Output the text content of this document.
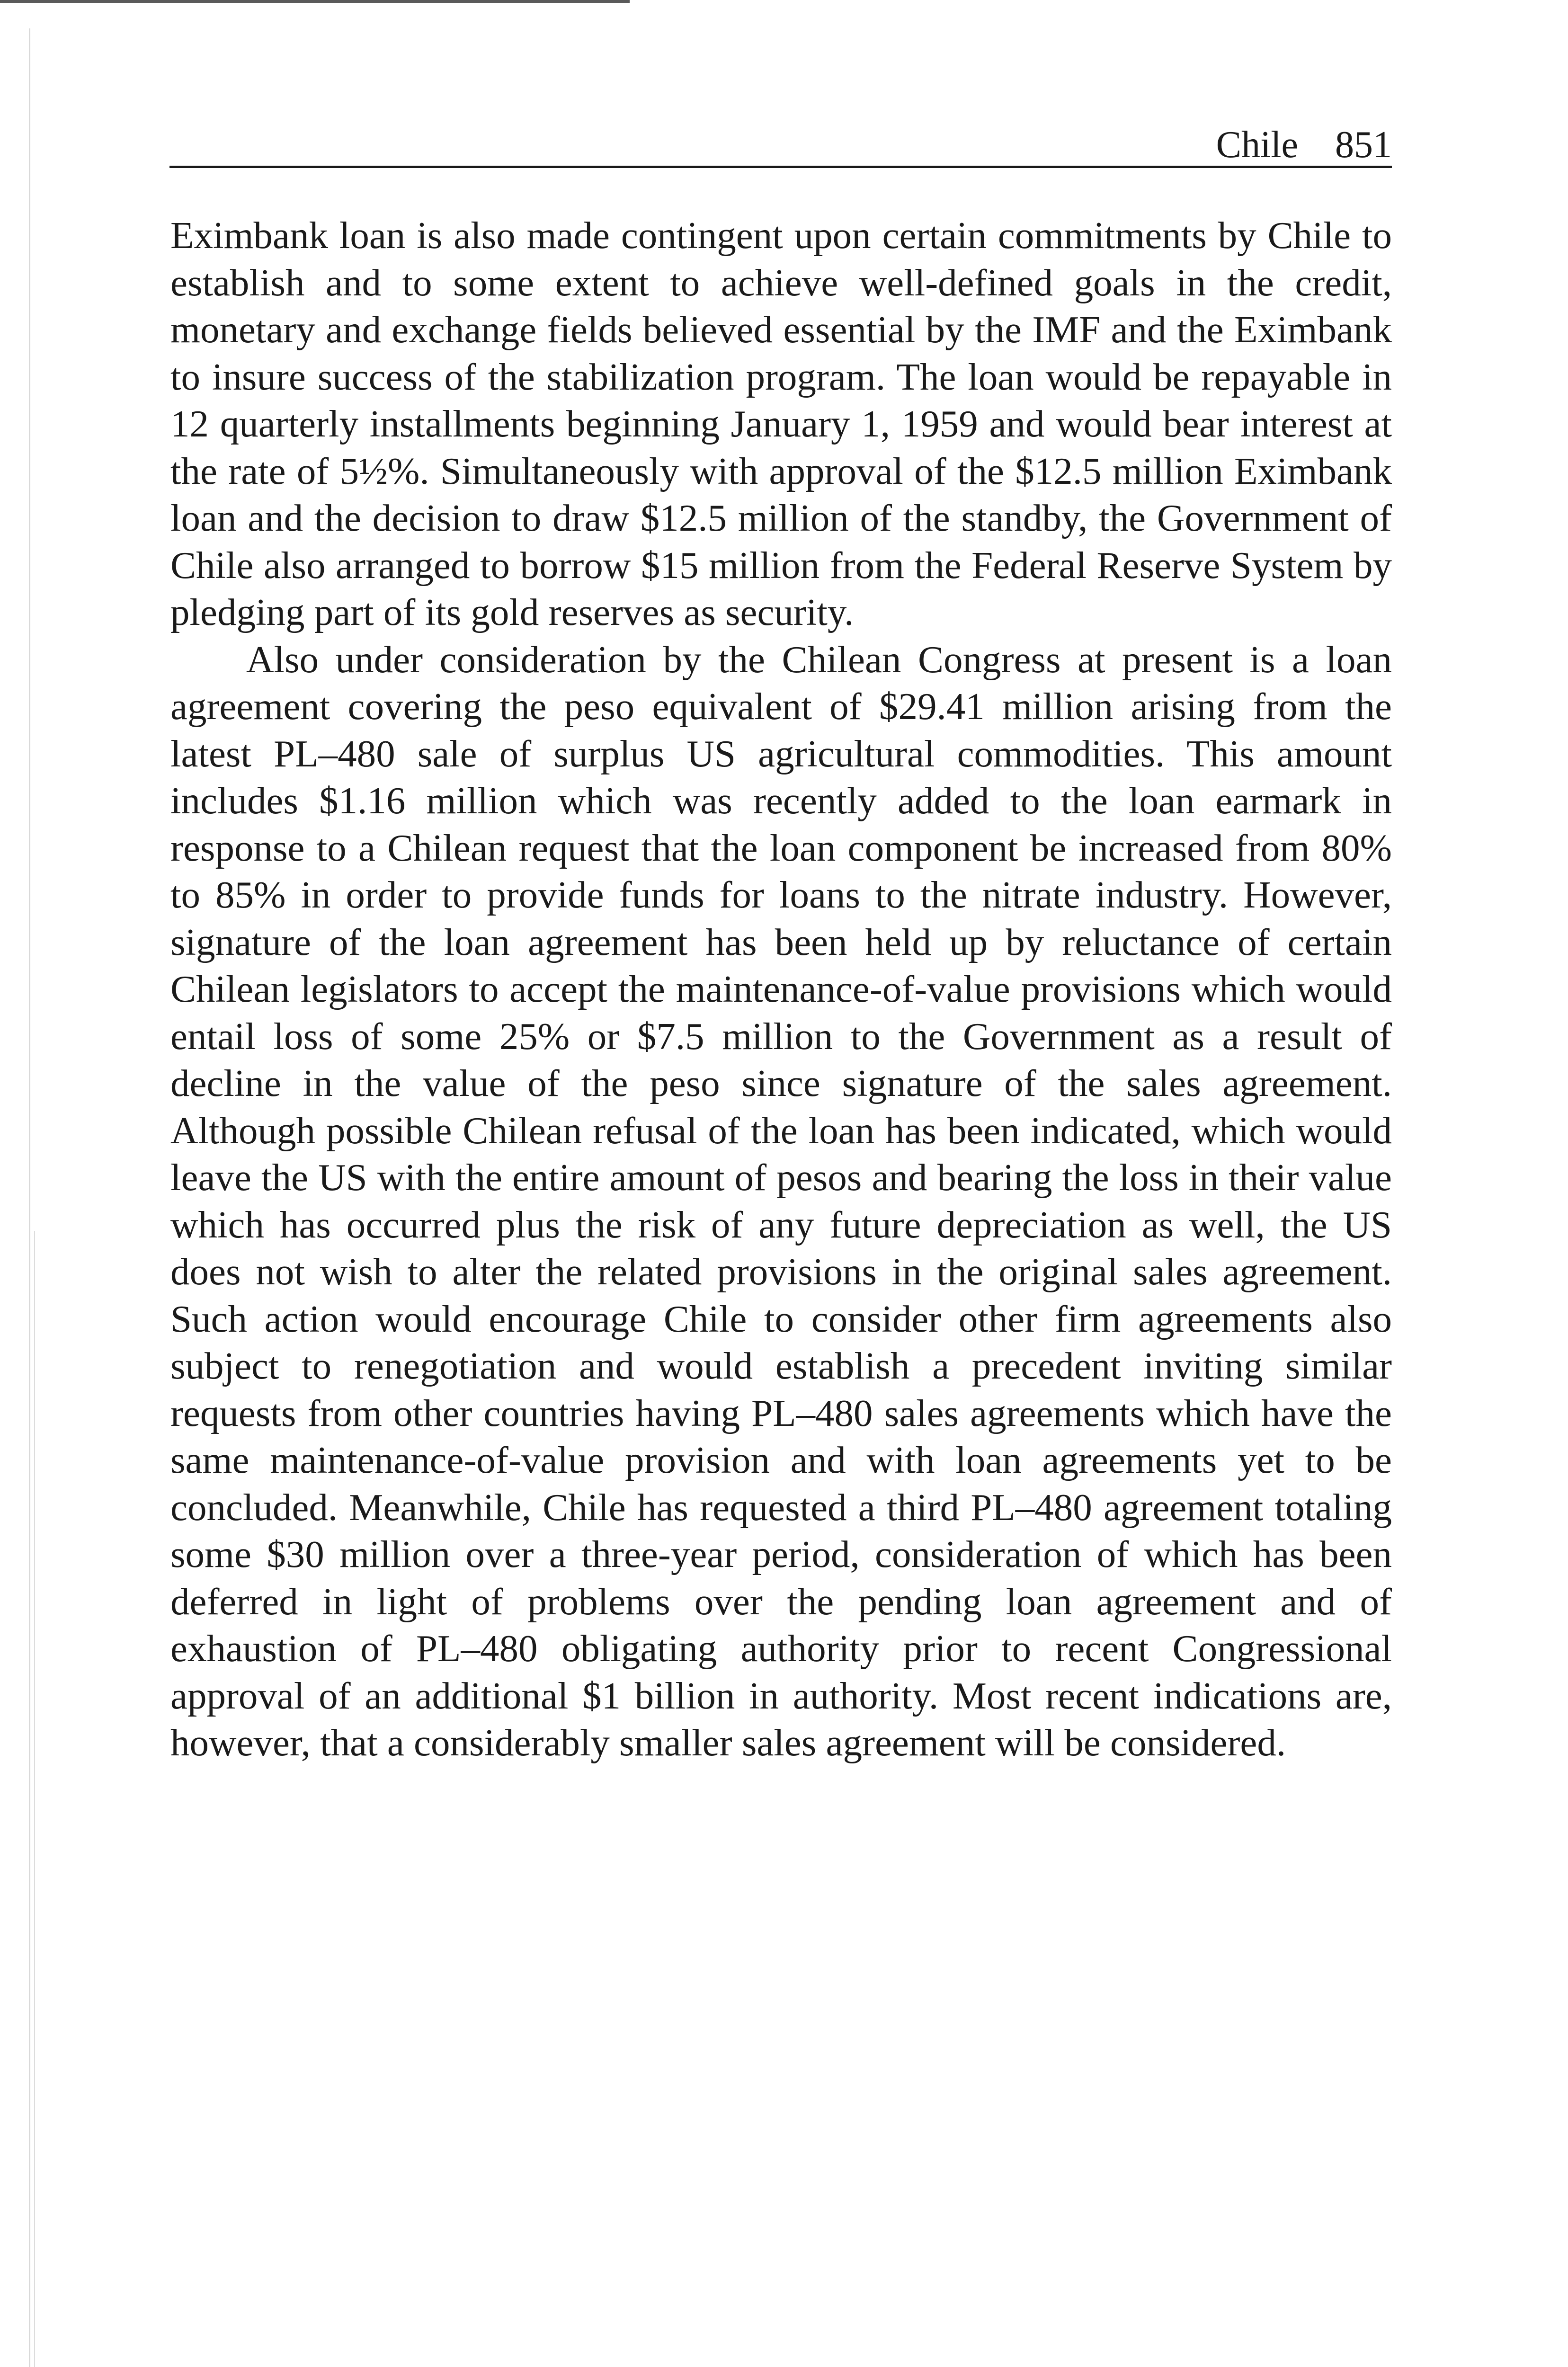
Chile 851

Eximbank loan is also made contingent upon certain commitments by Chile to establish and to some extent to achieve well-defined goals in the credit, monetary and exchange fields believed essential by the IMF and the Eximbank to insure success of the stabilization program. The loan would be repayable in 12 quarterly installments beginning January 1, 1959 and would bear interest at the rate of 5½%. Simultaneously with approval of the $12.5 million Eximbank loan and the decision to draw $12.5 million of the standby, the Government of Chile also arranged to borrow $15 million from the Federal Reserve System by pledging part of its gold reserves as security.

Also under consideration by the Chilean Congress at present is a loan agreement covering the peso equivalent of $29.41 million arising from the latest PL–480 sale of surplus US agricultural commodities. This amount includes $1.16 million which was recently added to the loan earmark in response to a Chilean request that the loan component be increased from 80% to 85% in order to provide funds for loans to the nitrate industry. However, signature of the loan agreement has been held up by reluctance of certain Chilean legislators to accept the maintenance-of-value provisions which would entail loss of some 25% or $7.5 million to the Government as a result of decline in the value of the peso since signature of the sales agreement. Although possible Chilean refusal of the loan has been indicated, which would leave the US with the entire amount of pesos and bearing the loss in their value which has occurred plus the risk of any future depreciation as well, the US does not wish to alter the related provisions in the original sales agreement. Such action would encourage Chile to consider other firm agreements also subject to renegotiation and would establish a precedent inviting similar requests from other countries having PL–480 sales agreements which have the same maintenance-of-value provision and with loan agreements yet to be concluded. Meanwhile, Chile has requested a third PL–480 agreement totaling some $30 million over a three-year period, consideration of which has been deferred in light of problems over the pending loan agreement and of exhaustion of PL–480 obligating authority prior to recent Congressional approval of an additional $1 billion in authority. Most recent indications are, however, that a considerably smaller sales agreement will be considered.
